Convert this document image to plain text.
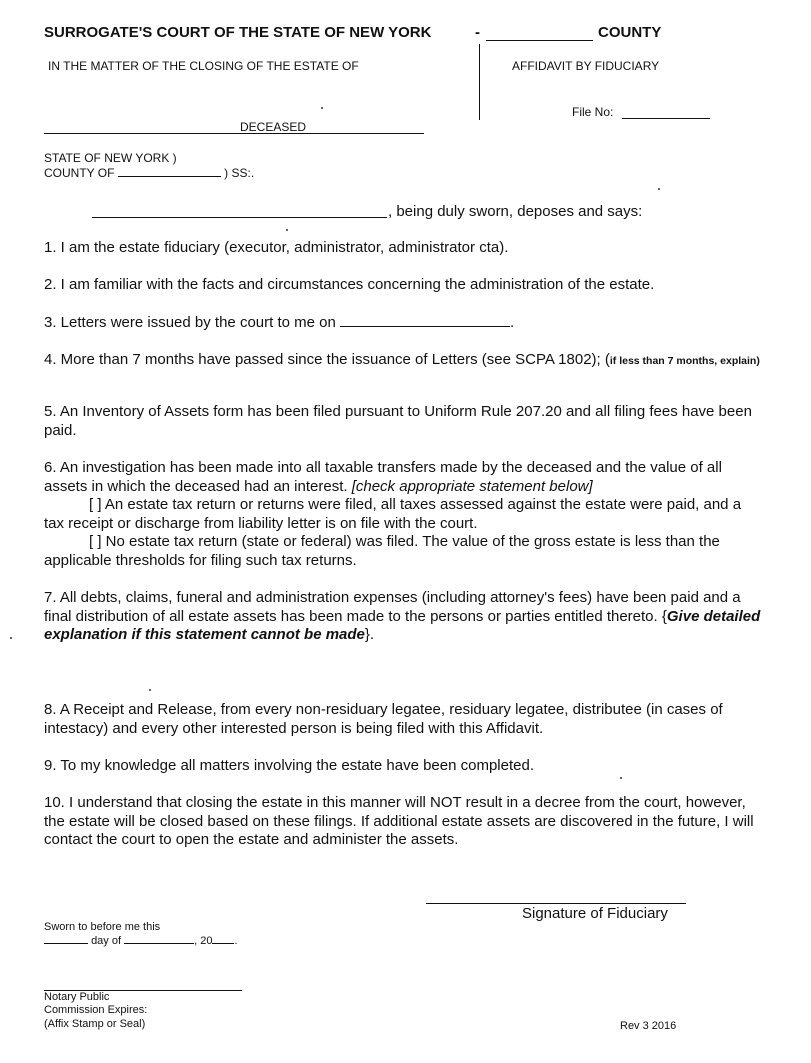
SURROGATE'S COURT OF THE STATE OF NEW YORK	-	COUNTY
IN THE MATTER OF THE CLOSING OF THE ESTATE OF	AFFIDAVIT BY FIDUCIARY
File No:
DECEASED
STATE OF NEW YORK )
COUNTY OF	) SS:.
, being duly sworn, deposes and says:
1. I am the estate fiduciary (executor, administrator, administrator cta).
2. I am familiar with the facts and circumstances concerning the administration of the estate.
3. Letters were issued by the court to me on	.
4. More than 7 months have passed since the issuance of Letters (see SCPA 1802); (if less than 7 months, explain)
5. An Inventory of Assets form has been filed pursuant to Uniform Rule 207.20 and all filing fees have been paid.
6. An investigation has been made into all taxable transfers made by the deceased and the value of all assets in which the deceased had an interest. [check appropriate statement below]
[ ] An estate tax return or returns were filed, all taxes assessed against the estate were paid, and a tax receipt or discharge from liability letter is on file with the court.
[ ] No estate tax return (state or federal) was filed. The value of the gross estate is less than the applicable thresholds for filing such tax returns.
7. All debts, claims, funeral and administration expenses (including attorney's fees) have been paid and a final distribution of all estate assets has been made to the persons or parties entitled thereto. {Give detailed explanation if this statement cannot be made}.
8. A Receipt and Release, from every non-residuary legatee, residuary legatee, distributee (in cases of intestacy) and every other interested person is being filed with this Affidavit.
9. To my knowledge all matters involving the estate have been completed.
10. I understand that closing the estate in this manner will NOT result in a decree from the court, however, the estate will be closed based on these filings. If additional estate assets are discovered in the future, I will contact the court to open the estate and administer the assets.
Signature of Fiduciary
Sworn to before me this
day of	, 20 .
Notary Public
Commission Expires:
(Affix Stamp or Seal)	Rev 3 2016
